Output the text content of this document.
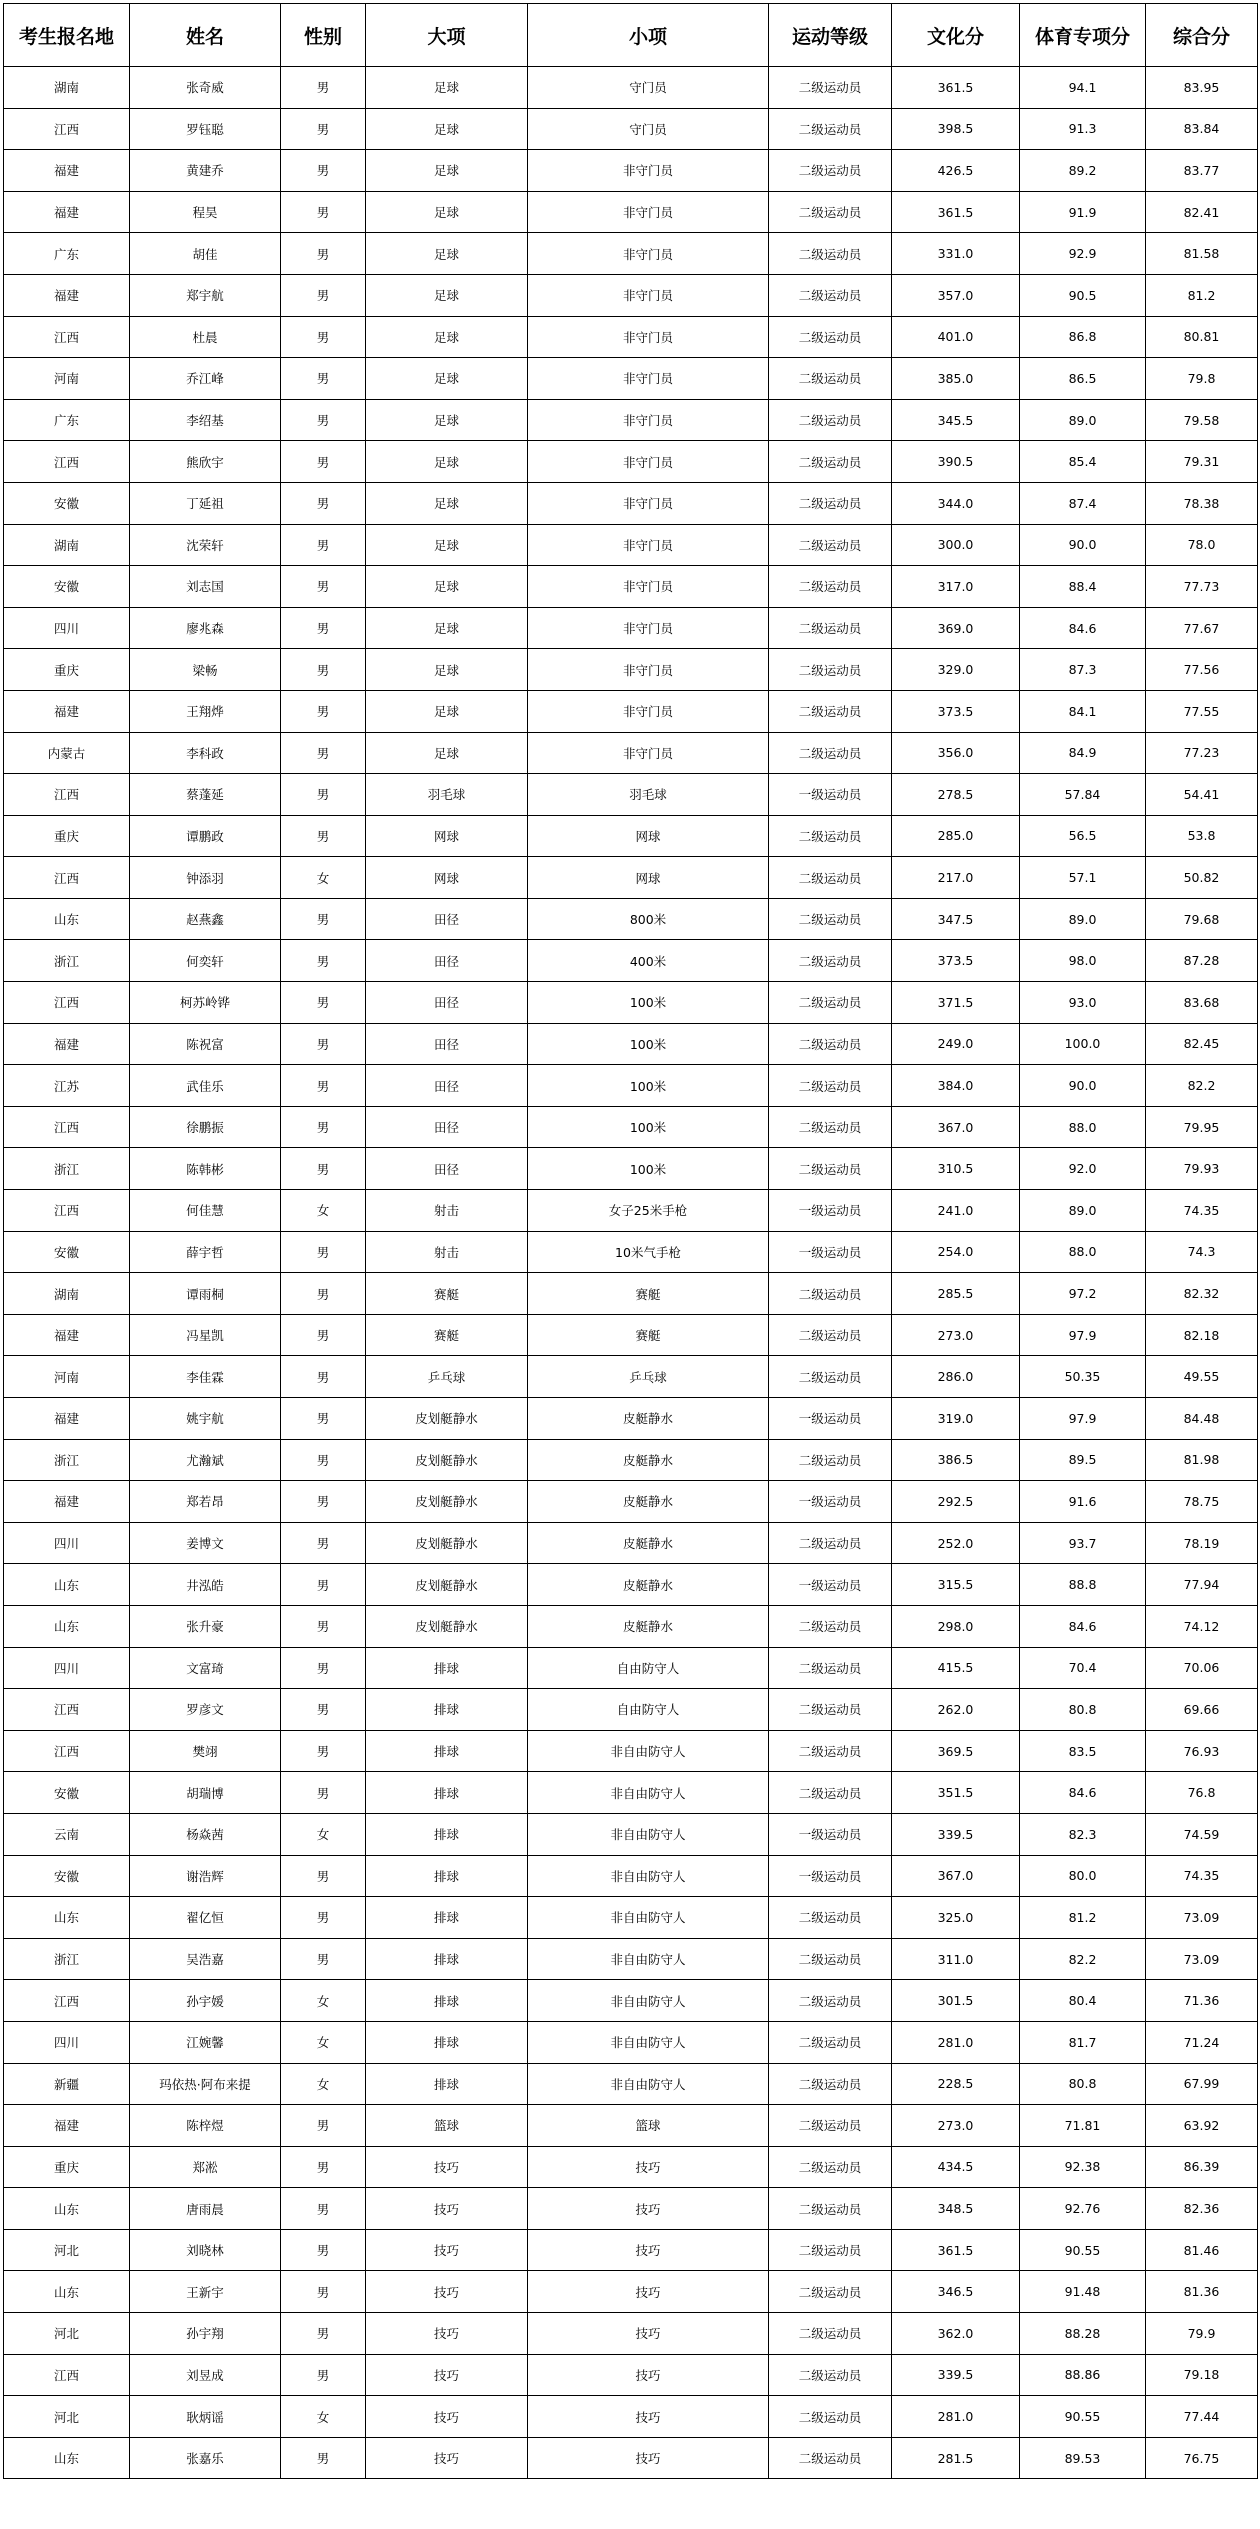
考生报名地	姓名	性别	大项	小项	运动等级	文化分	体育专项分	综合分
湖南	张奇威	男	足球	守门员	二级运动员	361.5	94.1	83.95
江西	罗钰聪	男	足球	守门员	二级运动员	398.5	91.3	83.84
福建	黄建乔	男	足球	非守门员	二级运动员	426.5	89.2	83.77
福建	程昊	男	足球	非守门员	二级运动员	361.5	91.9	82.41
广东	胡佳	男	足球	非守门员	二级运动员	331.0	92.9	81.58
福建	郑宇航	男	足球	非守门员	二级运动员	357.0	90.5	81.2
江西	杜晨	男	足球	非守门员	二级运动员	401.0	86.8	80.81
河南	乔江峰	男	足球	非守门员	二级运动员	385.0	86.5	79.8
广东	李绍基	男	足球	非守门员	二级运动员	345.5	89.0	79.58
江西	熊欣宇	男	足球	非守门员	二级运动员	390.5	85.4	79.31
安徽	丁延祖	男	足球	非守门员	二级运动员	344.0	87.4	78.38
湖南	沈荣轩	男	足球	非守门员	二级运动员	300.0	90.0	78.0
安徽	刘志国	男	足球	非守门员	二级运动员	317.0	88.4	77.73
四川	廖兆森	男	足球	非守门员	二级运动员	369.0	84.6	77.67
重庆	梁畅	男	足球	非守门员	二级运动员	329.0	87.3	77.56
福建	王翔烨	男	足球	非守门员	二级运动员	373.5	84.1	77.55
内蒙古	李科政	男	足球	非守门员	二级运动员	356.0	84.9	77.23
江西	蔡蓬延	男	羽毛球	羽毛球	一级运动员	278.5	57.84	54.41
重庆	谭鹏政	男	网球	网球	二级运动员	285.0	56.5	53.8
江西	钟添羽	女	网球	网球	二级运动员	217.0	57.1	50.82
山东	赵燕鑫	男	田径	800米	二级运动员	347.5	89.0	79.68
浙江	何奕轩	男	田径	400米	二级运动员	373.5	98.0	87.28
江西	柯苏岭铧	男	田径	100米	二级运动员	371.5	93.0	83.68
福建	陈祝富	男	田径	100米	二级运动员	249.0	100.0	82.45
江苏	武佳乐	男	田径	100米	二级运动员	384.0	90.0	82.2
江西	徐鹏振	男	田径	100米	二级运动员	367.0	88.0	79.95
浙江	陈韩彬	男	田径	100米	二级运动员	310.5	92.0	79.93
江西	何佳慧	女	射击	女子25米手枪	一级运动员	241.0	89.0	74.35
安徽	薛宇哲	男	射击	10米气手枪	一级运动员	254.0	88.0	74.3
湖南	谭雨桐	男	赛艇	赛艇	二级运动员	285.5	97.2	82.32
福建	冯星凯	男	赛艇	赛艇	二级运动员	273.0	97.9	82.18
河南	李佳霖	男	乒乓球	乒乓球	二级运动员	286.0	50.35	49.55
福建	姚宇航	男	皮划艇静水	皮艇静水	一级运动员	319.0	97.9	84.48
浙江	尤瀚斌	男	皮划艇静水	皮艇静水	二级运动员	386.5	89.5	81.98
福建	郑若昂	男	皮划艇静水	皮艇静水	一级运动员	292.5	91.6	78.75
四川	姜博文	男	皮划艇静水	皮艇静水	二级运动员	252.0	93.7	78.19
山东	井泓皓	男	皮划艇静水	皮艇静水	一级运动员	315.5	88.8	77.94
山东	张升豪	男	皮划艇静水	皮艇静水	二级运动员	298.0	84.6	74.12
四川	文富琦	男	排球	自由防守人	二级运动员	415.5	70.4	70.06
江西	罗彦文	男	排球	自由防守人	二级运动员	262.0	80.8	69.66
江西	樊翊	男	排球	非自由防守人	二级运动员	369.5	83.5	76.93
安徽	胡瑞博	男	排球	非自由防守人	二级运动员	351.5	84.6	76.8
云南	杨焱茜	女	排球	非自由防守人	一级运动员	339.5	82.3	74.59
安徽	谢浩辉	男	排球	非自由防守人	一级运动员	367.0	80.0	74.35
山东	翟亿恒	男	排球	非自由防守人	二级运动员	325.0	81.2	73.09
浙江	吴浩嘉	男	排球	非自由防守人	二级运动员	311.0	82.2	73.09
江西	孙宇媛	女	排球	非自由防守人	二级运动员	301.5	80.4	71.36
四川	江婉馨	女	排球	非自由防守人	二级运动员	281.0	81.7	71.24
新疆	玛依热·阿布来提	女	排球	非自由防守人	二级运动员	228.5	80.8	67.99
福建	陈梓煜	男	篮球	篮球	二级运动员	273.0	71.81	63.92
重庆	郑淞	男	技巧	技巧	二级运动员	434.5	92.38	86.39
山东	唐雨晨	男	技巧	技巧	二级运动员	348.5	92.76	82.36
河北	刘晓林	男	技巧	技巧	二级运动员	361.5	90.55	81.46
山东	王新宇	男	技巧	技巧	二级运动员	346.5	91.48	81.36
河北	孙宇翔	男	技巧	技巧	二级运动员	362.0	88.28	79.9
江西	刘昱成	男	技巧	技巧	二级运动员	339.5	88.86	79.18
河北	耿炳谣	女	技巧	技巧	二级运动员	281.0	90.55	77.44
山东	张嘉乐	男	技巧	技巧	二级运动员	281.5	89.53	76.75
